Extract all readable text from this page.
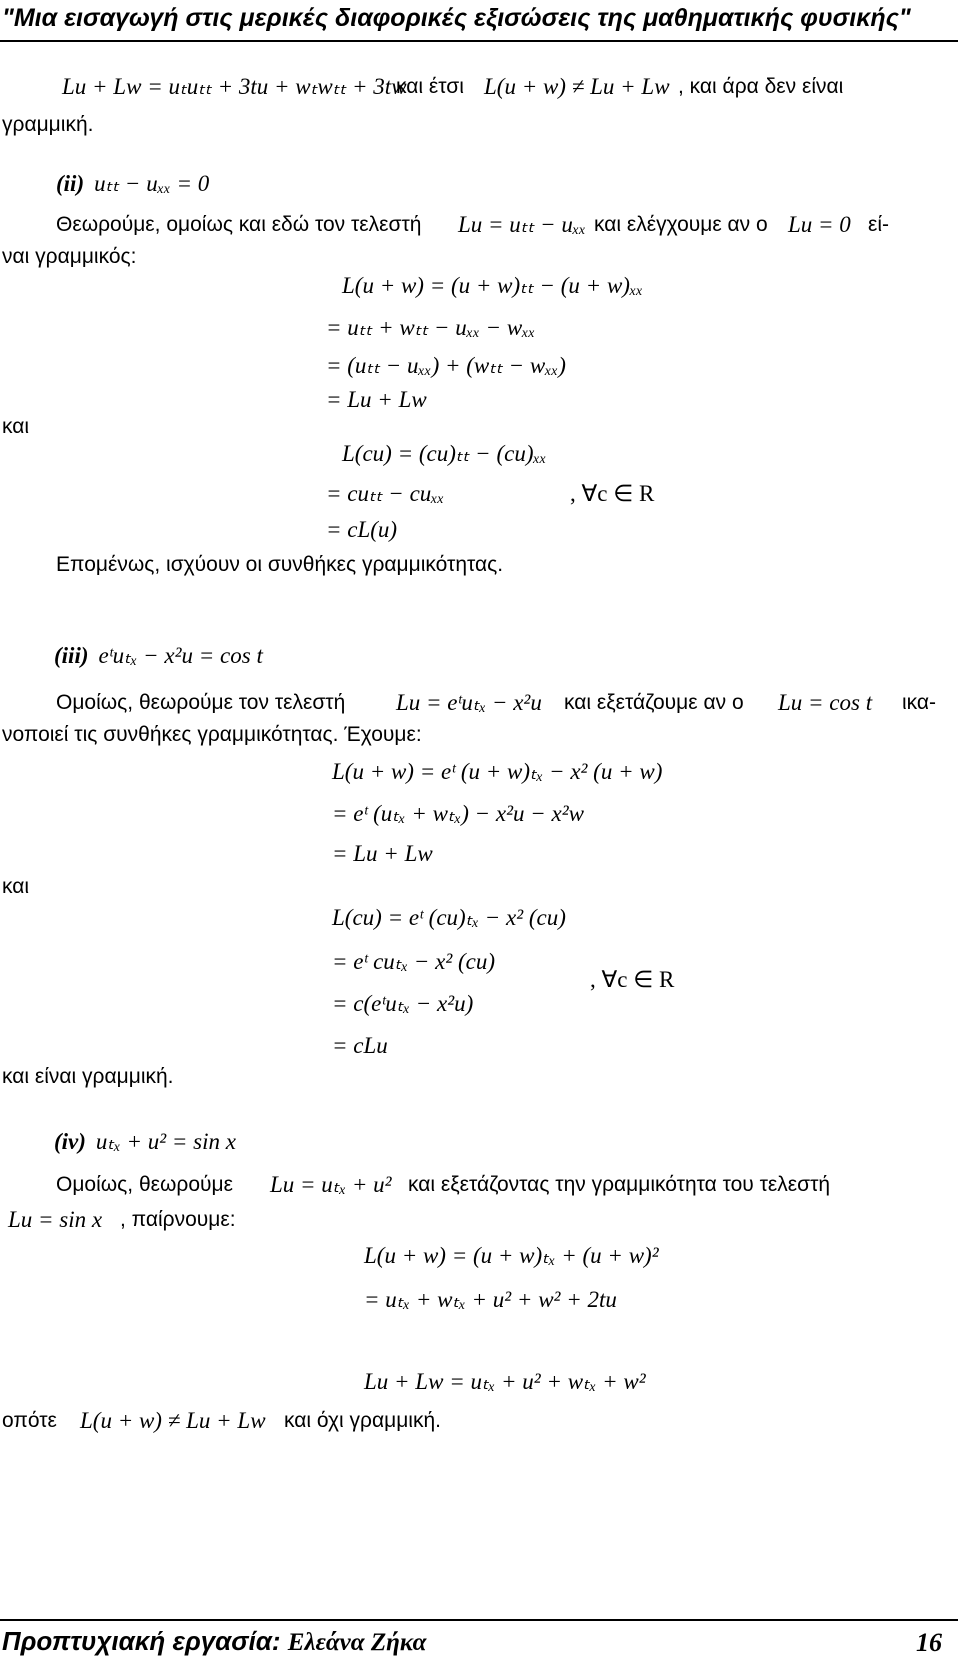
"Μια εισαγωγή στις μερικές διαφορικές εξισώσεις της μαθηματικής φυσικής"
Lu + Lw = uₜuₜₜ + 3tu + wₜwₜₜ + 3tw
και έτσι L(u + w) ≠ Lu + Lw , και άρα δεν είναι
γραμμική.
(ii) uₜₜ − uₓₓ = 0
Θεωρούμε, ομοίως και εδώ τον τελεστή Lu = uₜₜ − uₓₓ και ελέγχουμε αν ο Lu = 0 εί-
ναι γραμμικός:
L(u + w) = (u + w)ₜₜ − (u + w)ₓₓ
= uₜₜ + wₜₜ − uₓₓ − wₓₓ
= (uₜₜ − uₓₓ) + (wₜₜ − wₓₓ)
= Lu + Lw
και
L(cu) = (cu)ₜₜ − (cu)ₓₓ
= cuₜₜ − cuₓₓ	, ∀c ∈ R
= cL(u)
Επομένως, ισχύουν οι συνθήκες γραμμικότητας.
(iii) eᵗuₜₓ − x²u = cos t
Ομοίως, θεωρούμε τον τελεστή Lu = eᵗuₜₓ − x²u και εξετάζουμε αν ο Lu = cos t ικα-
νοποιεί τις συνθήκες γραμμικότητας. Έχουμε:
L(u + w) = eᵗ (u + w)ₜₓ − x² (u + w)
= eᵗ (uₜₓ + wₜₓ) − x²u − x²w
= Lu + Lw
και
L(cu) = eᵗ (cu)ₜₓ − x² (cu)
= eᵗ cuₜₓ − x² (cu)
, ∀c ∈ R
= c(eᵗuₜₓ − x²u)
= cLu
και είναι γραμμική.
(iv) uₜₓ + u² = sin x
Ομοίως, θεωρούμε Lu = uₜₓ + u² και εξετάζοντας την γραμμικότητα του τελεστή
Lu = sin x , παίρνουμε:
L(u + w) = (u + w)ₜₓ + (u + w)²
= uₜₓ + wₜₓ + u² + w² + 2tu
Lu + Lw = uₜₓ + u² + wₜₓ + w²
οπότε L(u + w) ≠ Lu + Lw και όχι γραμμική.
Προπτυχιακή εργασία: Ελεάνα Ζήκα	16
